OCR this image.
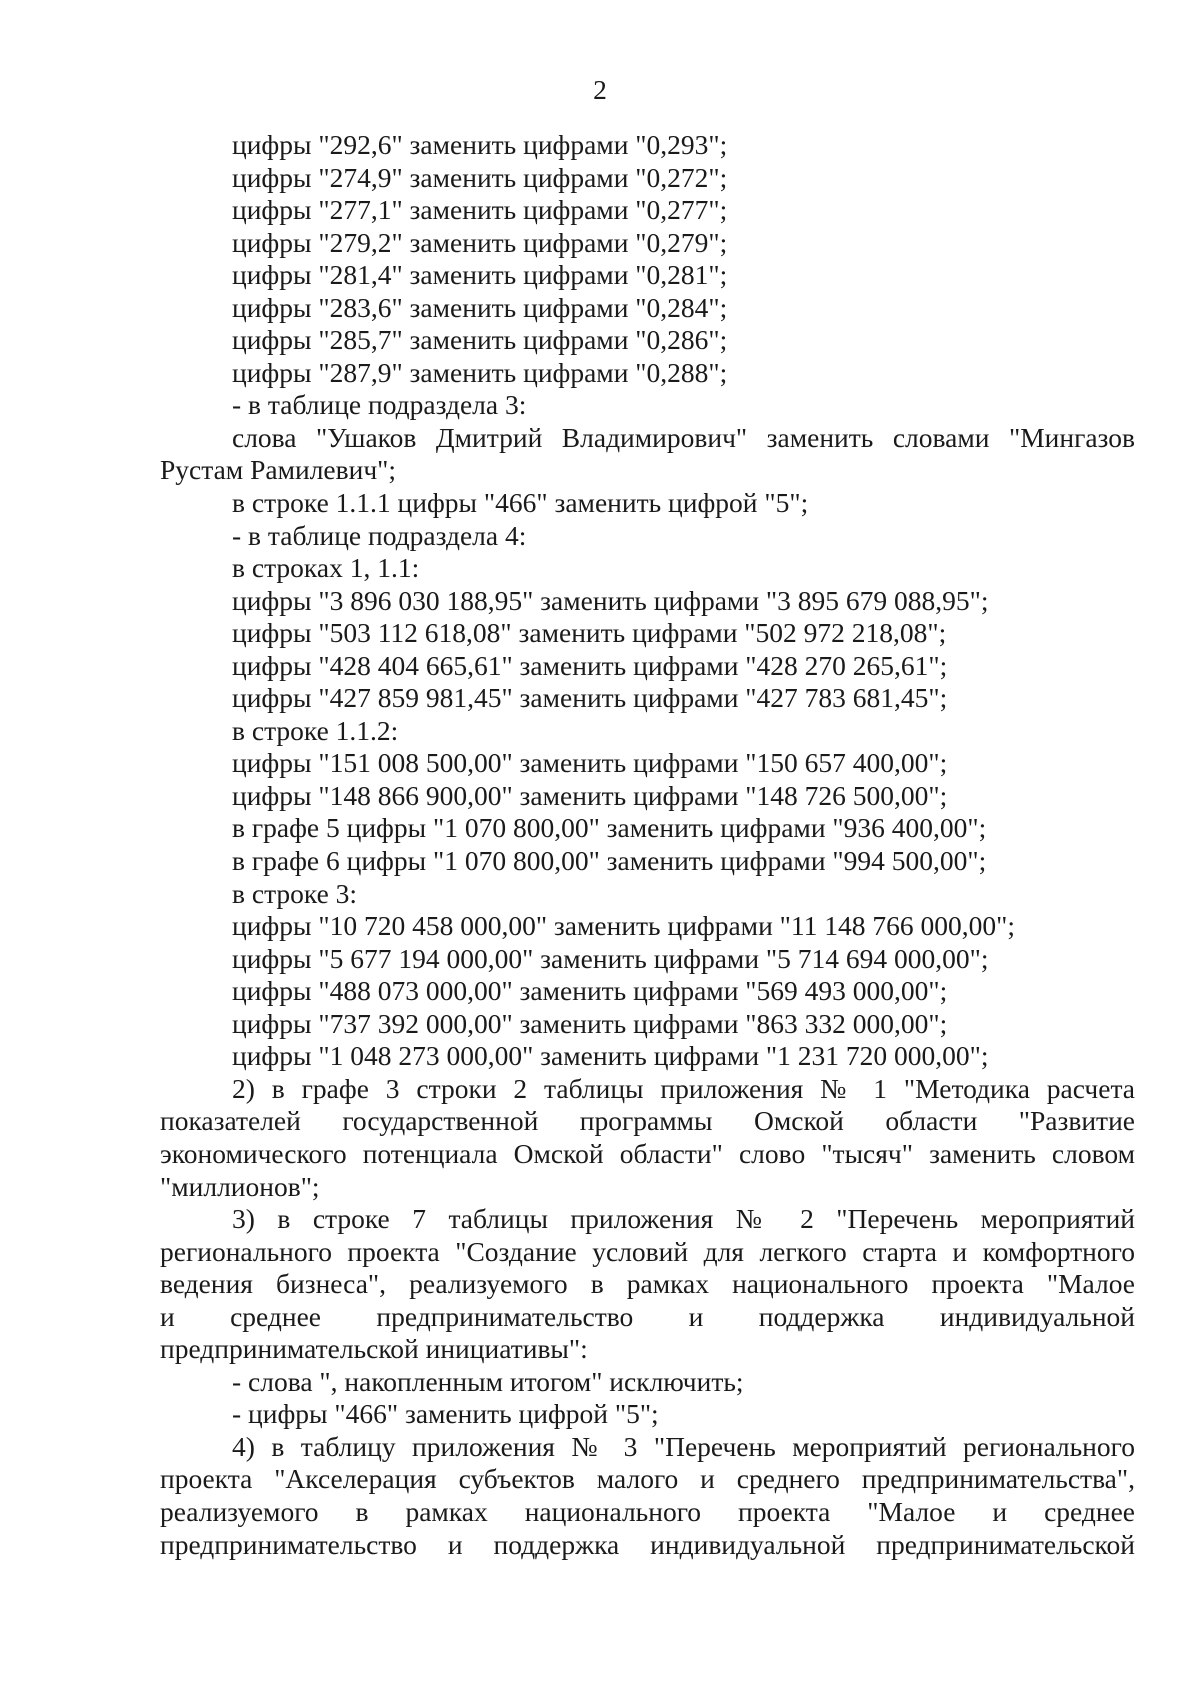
2
цифры "292,6" заменить цифрами "0,293";
цифры "274,9" заменить цифрами "0,272";
цифры "277,1" заменить цифрами "0,277";
цифры "279,2" заменить цифрами "0,279";
цифры "281,4" заменить цифрами "0,281";
цифры "283,6" заменить цифрами "0,284";
цифры "285,7" заменить цифрами "0,286";
цифры "287,9" заменить цифрами "0,288";
- в таблице подраздела 3:
слова "Ушаков Дмитрий Владимирович" заменить словами "Мингазов
Рустам Рамилевич";
в строке 1.1.1 цифры "466" заменить цифрой "5";
- в таблице подраздела 4:
в строках 1, 1.1:
цифры "3 896 030 188,95" заменить цифрами "3 895 679 088,95";
цифры "503 112 618,08" заменить цифрами "502 972 218,08";
цифры "428 404 665,61" заменить цифрами "428 270 265,61";
цифры "427 859 981,45" заменить цифрами "427 783 681,45";
в строке 1.1.2:
цифры "151 008 500,00" заменить цифрами "150 657 400,00";
цифры "148 866 900,00" заменить цифрами "148 726 500,00";
в графе 5 цифры "1 070 800,00" заменить цифрами "936 400,00";
в графе 6 цифры "1 070 800,00" заменить цифрами "994 500,00";
в строке 3:
цифры "10 720 458 000,00" заменить цифрами "11 148 766 000,00";
цифры "5 677 194 000,00" заменить цифрами "5 714 694 000,00";
цифры "488 073 000,00" заменить цифрами "569 493 000,00";
цифры "737 392 000,00" заменить цифрами "863 332 000,00";
цифры "1 048 273 000,00" заменить цифрами "1 231 720 000,00";
2) в графе 3 строки 2 таблицы приложения № 1 "Методика расчета
показателей государственной программы Омской области "Развитие
экономического потенциала Омской области" слово "тысяч" заменить словом
"миллионов";
3) в строке 7 таблицы приложения № 2 "Перечень мероприятий
регионального проекта "Создание условий для легкого старта и комфортного
ведения бизнеса", реализуемого в рамках национального проекта "Малое
и среднее предпринимательство и поддержка индивидуальной
предпринимательской инициативы":
- слова ", накопленным итогом" исключить;
- цифры "466" заменить цифрой "5";
4) в таблицу приложения № 3 "Перечень мероприятий регионального
проекта "Акселерация субъектов малого и среднего предпринимательства",
реализуемого в рамках национального проекта "Малое и среднее
предпринимательство и поддержка индивидуальной предпринимательской
